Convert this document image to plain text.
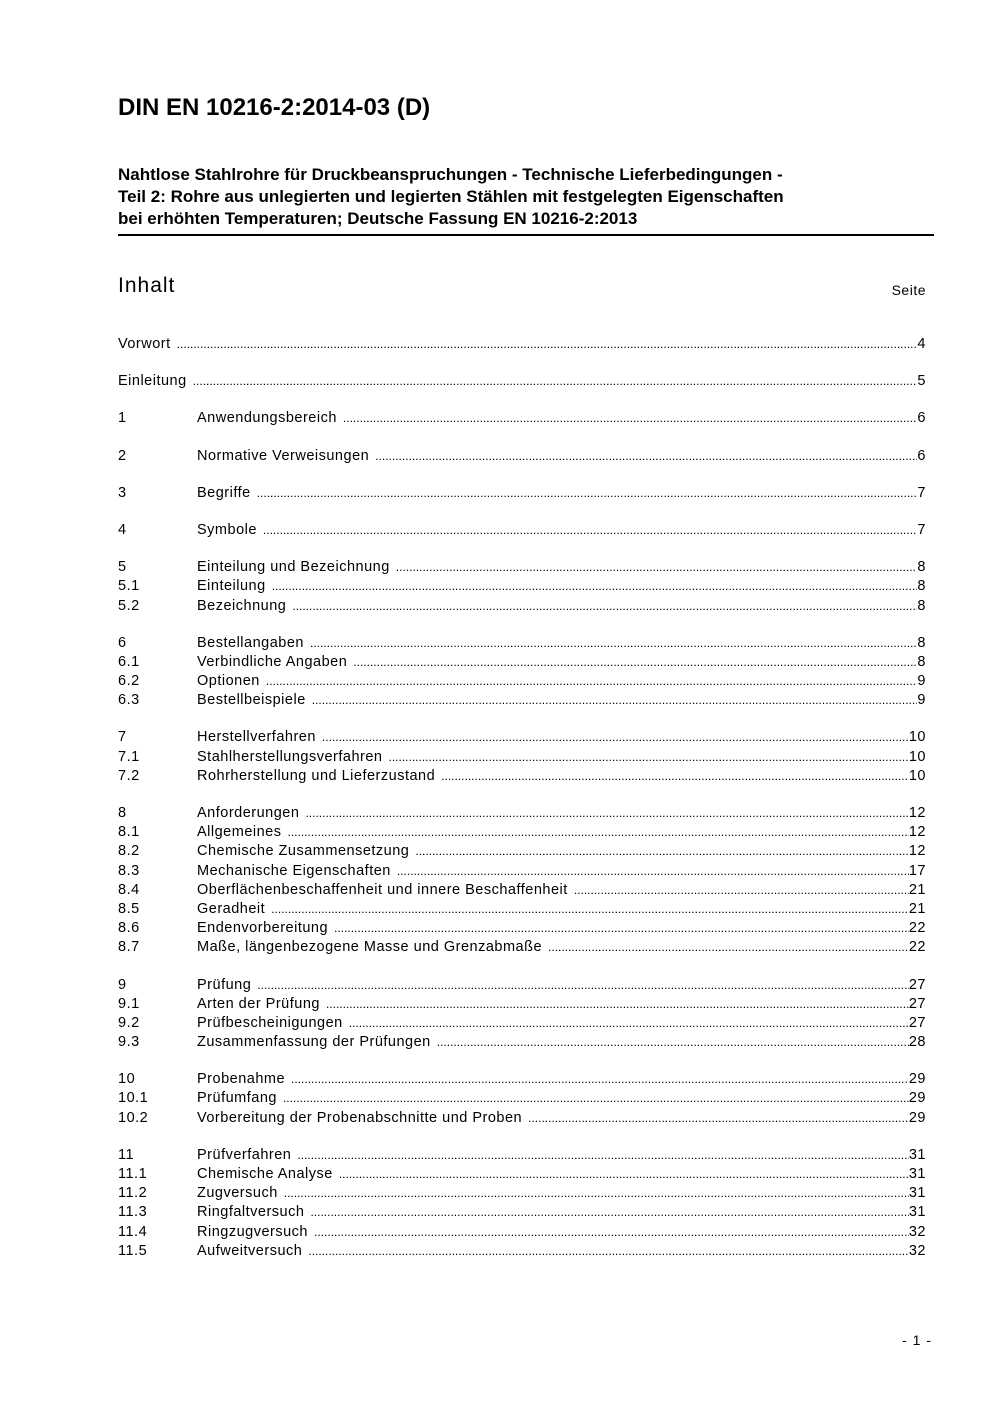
DIN EN 10216-2:2014-03 (D)
Nahtlose Stahlrohre für Druckbeanspruchungen - Technische Lieferbedingungen -
Teil 2: Rohre aus unlegierten und legierten Stählen mit festgelegten Eigenschaften
bei erhöhten Temperaturen; Deutsche Fassung EN 10216-2:2013
Inhalt	Seite
Vorwort .....	4
Einleitung .....	5
1	Anwendungsbereich .....	6
2	Normative Verweisungen .....	6
3	Begriffe .....	7
4	Symbole .....	7
5	Einteilung und Bezeichnung .....	8
5.1	Einteilung .....	8
5.2	Bezeichnung .....	8
6	Bestellangaben .....	8
6.1	Verbindliche Angaben .....	8
6.2	Optionen .....	9
6.3	Bestellbeispiele .....	9
7	Herstellverfahren .....	10
7.1	Stahlherstellungsverfahren .....	10
7.2	Rohrherstellung und Lieferzustand .....	10
8	Anforderungen .....	12
8.1	Allgemeines .....	12
8.2	Chemische Zusammensetzung .....	12
8.3	Mechanische Eigenschaften .....	17
8.4	Oberflächenbeschaffenheit und innere Beschaffenheit .....	21
8.5	Geradheit .....	21
8.6	Endenvorbereitung .....	22
8.7	Maße, längenbezogene Masse und Grenzabmaße .....	22
9	Prüfung .....	27
9.1	Arten der Prüfung .....	27
9.2	Prüfbescheinigungen .....	27
9.3	Zusammenfassung der Prüfungen .....	28
10	Probenahme .....	29
10.1	Prüfumfang .....	29
10.2	Vorbereitung der Probenabschnitte und Proben .....	29
11	Prüfverfahren .....	31
11.1	Chemische Analyse .....	31
11.2	Zugversuch .....	31
11.3	Ringfaltversuch .....	31
11.4	Ringzugversuch .....	32
11.5	Aufweitversuch .....	32
- 1 -
